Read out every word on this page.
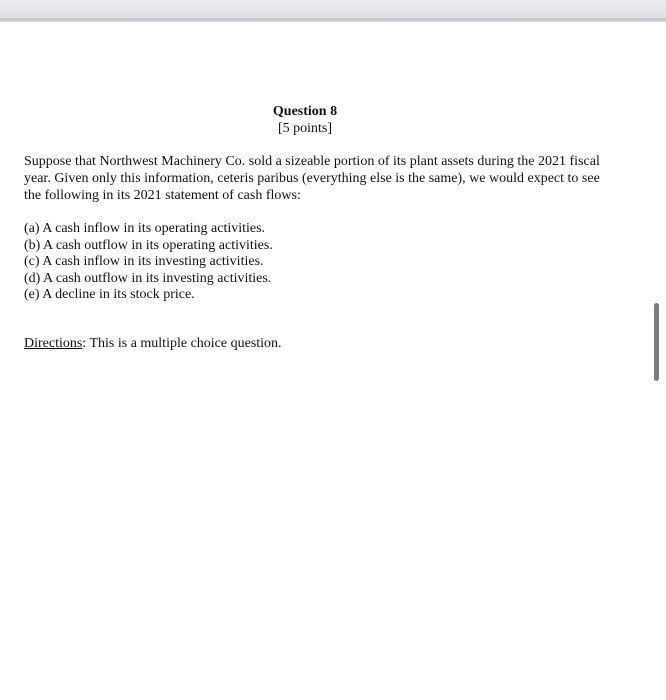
Question 8
[5 points]

Suppose that Northwest Machinery Co. sold a sizeable portion of its plant assets during the 2021 fiscal year. Given only this information, ceteris paribus (everything else is the same), we would expect to see the following in its 2021 statement of cash flows:

(a) A cash inflow in its operating activities.
(b) A cash outflow in its operating activities.
(c) A cash inflow in its investing activities.
(d) A cash outflow in its investing activities.
(e) A decline in its stock price.
Directions: This is a multiple choice question.
